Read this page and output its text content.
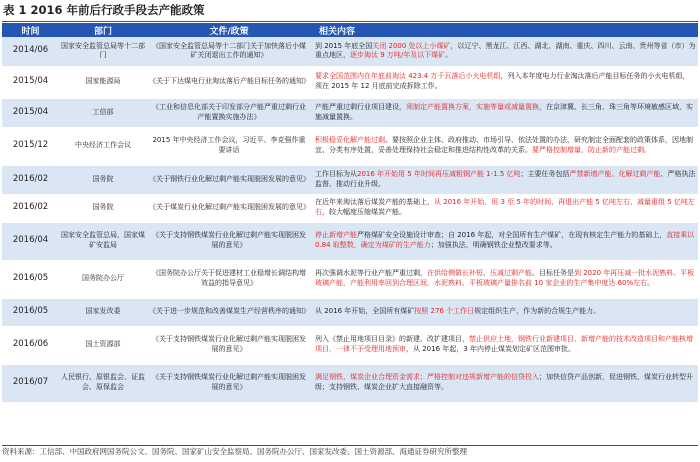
表 1 2016 年前后行政手段去产能政策
时间	部门	文件/政策	相关内容
2014/06	国家安全监管总局等十二部门	《国家安全监管总局等十二部门关于加快落后小煤矿关闭退出工作的通知》	到 2015 年底全国关闭 2000 处以上小煤矿，以辽宁、黑龙江、江西、湖北、湖南、重庆、四川、云南、贵州等省（市）为重点地区，逐步淘汰 9 万吨/年及以下煤矿。
2015/04	国家能源局	《关于下达煤电行业淘汰落后产能目标任务的通知》	要求全国范围内在年底前淘汰 423.4 万千瓦落后小火电机组，列入本年度电力行业淘汰落后产能目标任务的小火电机组，须在 2015 年 12 月底前完成拆除工作。
2015/04	工信部	《工业和信息化部关于印发部分产能严重过剩行业产能置换实施办法》	产能严重过剩行业项目建设，须制定产能置换方案，实施等量或减量置换，在京津冀、长三角、珠三角等环境敏感区域，实施减量置换。
2015/12	中央经济工作会议	2015 年中央经济工作会议，习近平、李克强作重要讲话	积极稳妥化解产能过剩。要按照企业主体、政府推动、市场引导、依法处置的办法，研究制定全面配套的政策体系，因地制宜、分类有序处置，妥善处理保持社会稳定和推进结构性改革的关系。要严格控制增量，防止新的产能过剩。
2016/02	国务院	《关于钢铁行业化解过剩产能实现脱困发展的意见》	工作目标为从2016 年开始用 5 年时间再压减粗钢产能 1-1.5 亿吨；主要任务包括严禁新增产能、化解过剩产能、严格执法监督、推动行业升级。
2016/02	国务院	《关于煤炭行业化解过剩产能实现脱困发展的意见》	在近年来淘汰落后煤炭产能的基础上，从 2016 年开始，用 3 至 5 年的时间，再退出产能 5 亿吨左右、减量重组 5 亿吨左右，较大幅度压缩煤炭产能。
2016/04	国家安全监管总局、国家煤矿安监局	《关于支持钢铁煤炭行业化解过剩产能实现脱困发展的意见》	停止新增产能严格煤矿安全设施设计审查；自 2016 年起，对全国所有生产煤矿，在现有核定生产能力的基础上，直接乘以 0.84 取整数，确定为煤矿的生产能力；加强执法，明确钢铁企业整改要求等。
2016/05	国务院办公厅	《国务院办公厅关于促进建材工业稳增长调结构增效益的指导意见》	再次强调水泥等行业产能严重过剩，在供给侧做长补短、压减过剩产能。目标任务是到 2020 年再压减一批水泥熟料、平板玻璃产能，产能利用率回到合理区间，水泥熟料、平板玻璃产量排名前 10 家企业的生产集中度达 60%左右。
2016/05	国家发改委	《关于进一步规范和改善煤炭生产经营秩序的通知》	从 2016 年开始，全国所有煤矿按照 276 个工作日规定组织生产，作为新的合规生产能力。
2016/06	国土资源部	《关于支持钢铁煤炭行业化解过剩产能实现脱困发展的意见》	列入《禁止用地项目目录》的新建、改扩建项目，禁止供应土地，钢铁行业新建项目、新增产能的技术改造项目和产能核增项目，一律不予受理用地预审，从 2016 年起，3 年内停止煤炭划定矿区范围审批。
2016/07	人民银行、原银监会、证监会、原保监会	《关于支持钢铁煤炭行业化解过剩产能实现脱困发展的意见》	满足钢铁、煤炭企业合理资金需求；严格控制对违规新增产能的信贷投入；加快信贷产品创新，促进钢铁、煤炭行业转型升级；支持钢铁、煤炭企业扩大直接融资等。
资料来源：工信部、中国政府网国务院公文、国务院、国家矿山安全监察局、国务院办公厅、国家发改委、国土资源部、海通证券研究所整理
